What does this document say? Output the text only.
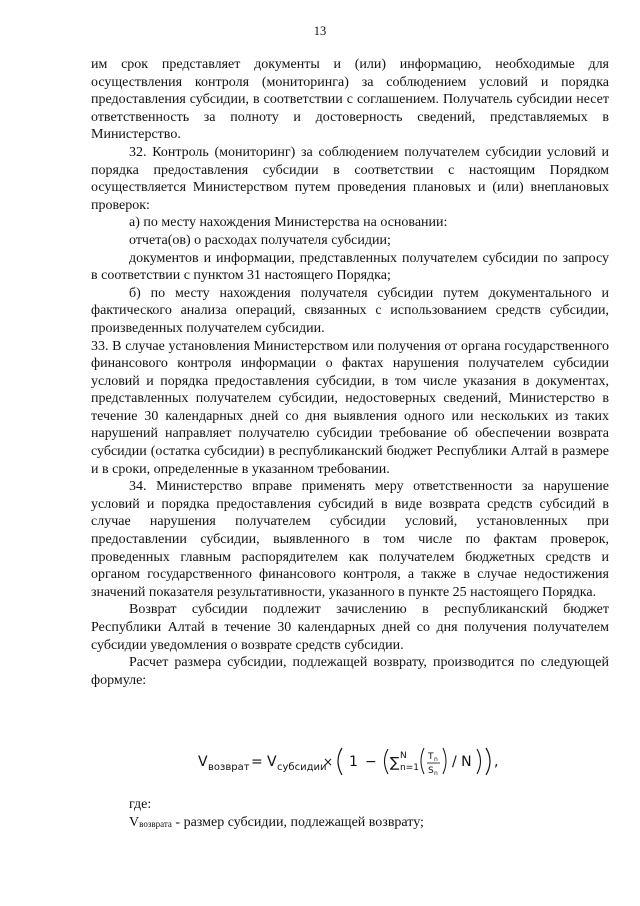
13

им срок представляет документы и (или) информацию, необходимые для осуществления контроля (мониторинга) за соблюдением условий и порядка предоставления субсидии, в соответствии с соглашением. Получатель субсидии несет ответственность за полноту и достоверность сведений, представляемых в Министерство.

32. Контроль (мониторинг) за соблюдением получателем субсидии условий и порядка предоставления субсидии в соответствии с настоящим Порядком осуществляется Министерством путем проведения плановых и (или) внеплановых проверок:

а) по месту нахождения Министерства на основании:

отчета(ов) о расходах получателя субсидии;

документов и информации, представленных получателем субсидии по запросу в соответствии с пунктом 31 настоящего Порядка;

б) по месту нахождения получателя субсидии путем документального и фактического анализа операций, связанных с использованием средств субсидии, произведенных получателем субсидии.

33. В случае установления Министерством или получения от органа государственного финансового контроля информации о фактах нарушения получателем субсидии условий и порядка предоставления субсидии, в том числе указания в документах, представленных получателем субсидии, недостоверных сведений, Министерство в течение 30 календарных дней со дня выявления одного или нескольких из таких нарушений направляет получателю субсидии требование об обеспечении возврата субсидии (остатка субсидии) в республиканский бюджет Республики Алтай в размере и в сроки, определенные в указанном требовании.

34. Министерство вправе применять меру ответственности за нарушение условий и порядка предоставления субсидий в виде возврата средств субсидий в случае нарушения получателем субсидии условий, установленных при предоставлении субсидии, выявленного в том числе по фактам проверок, проведенных главным распорядителем как получателем бюджетных средств и органом государственного финансового контроля, а также в случае недостижения значений показателя результативности, указанного в пункте 25 настоящего Порядка.

Возврат субсидии подлежит зачислению в республиканский бюджет Республики Алтай в течение 30 календарных дней со дня получения получателем субсидии уведомления о возврате средств субсидии.

Расчет размера субсидии, подлежащей возврату, производится по следующей формуле:

V возврат = V субсидии
× 1 − ∑ N
n=1
T n
S n
/ N ,
где:
Vвозврата - размер субсидии, подлежащей возврату;
